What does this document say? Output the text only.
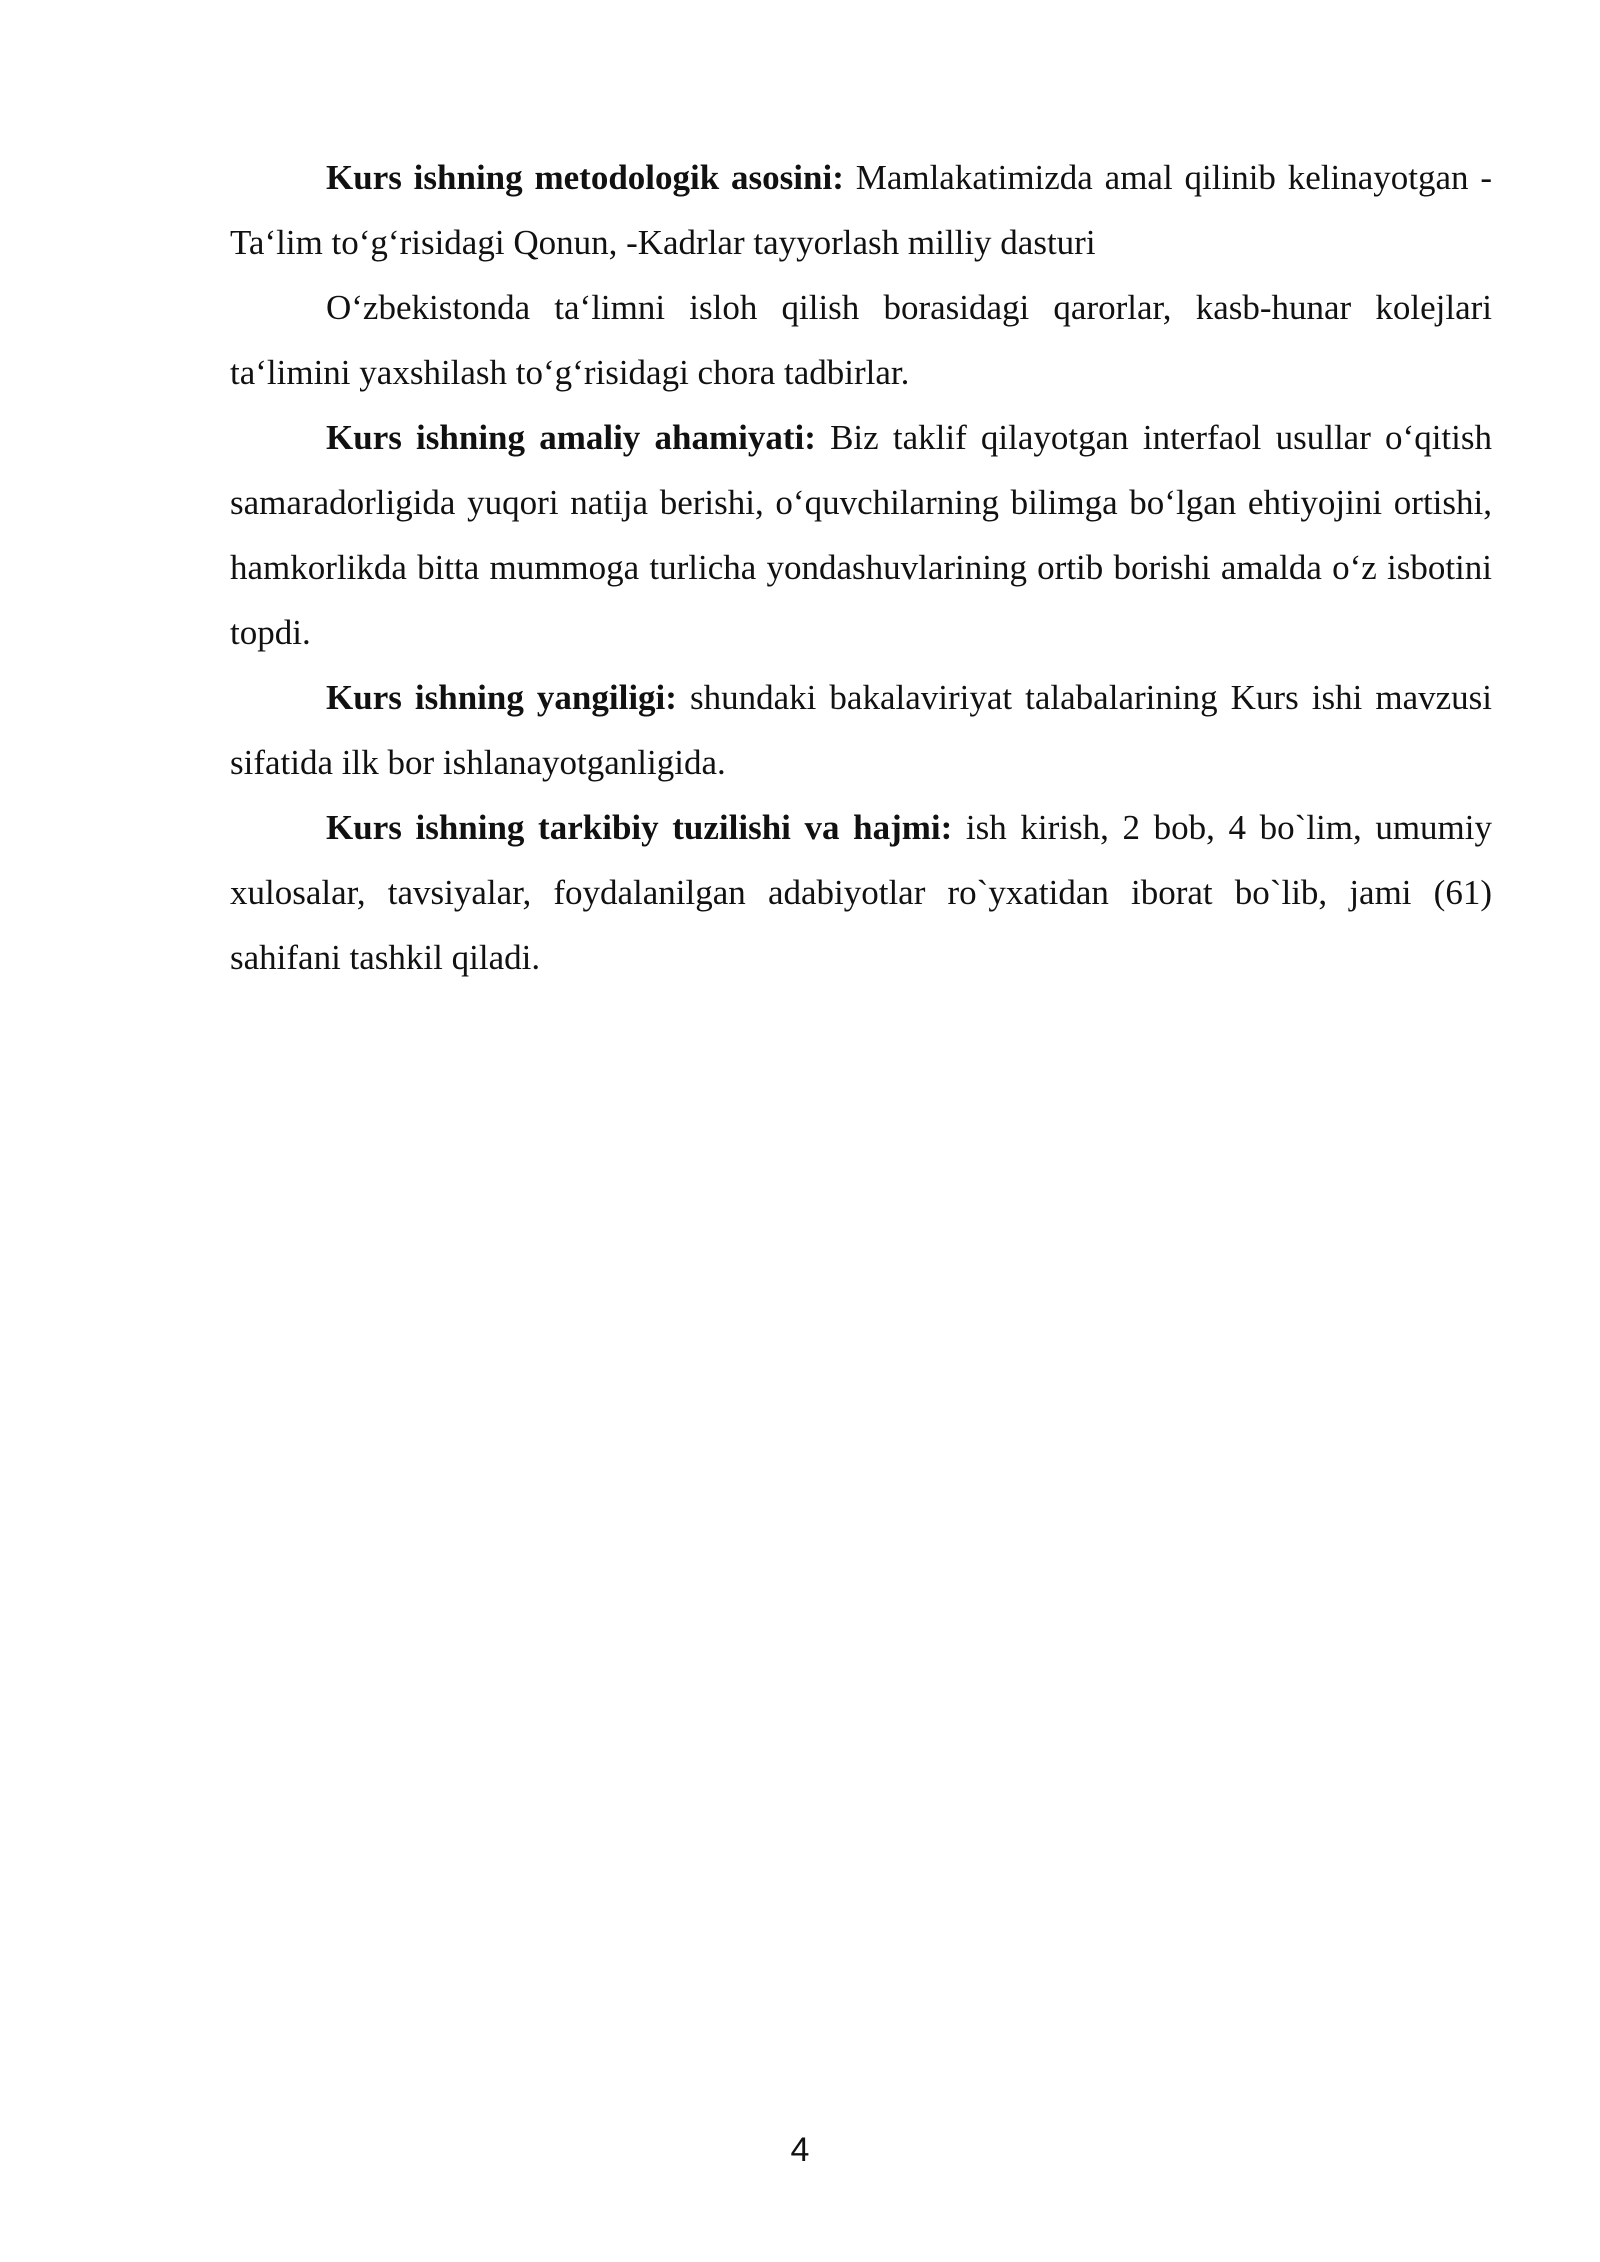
Kurs ishning metodologik asosini: Mamlakatimizda amal qilinib kelinayotgan -Ta‘lim to‘g‘risidagi Qonun, -Kadrlar tayyorlash milliy dasturi

O‘zbekistonda ta‘limni isloh qilish borasidagi qarorlar, kasb-hunar kolejlari ta‘limini yaxshilash to‘g‘risidagi chora tadbirlar.

Kurs ishning amaliy ahamiyati: Biz taklif qilayotgan interfaol usullar o‘qitish samaradorligida yuqori natija berishi, o‘quvchilarning bilimga bo‘lgan ehtiyojini ortishi, hamkorlikda bitta mummoga turlicha yondashuvlarining ortib borishi amalda o‘z isbotini topdi.

Kurs ishning yangiligi: shundaki bakalaviriyat talabalarining Kurs ishi mavzusi sifatida ilk bor ishlanayotganligida.

Kurs ishning tarkibiy tuzilishi va hajmi: ish kirish, 2 bob, 4 bo`lim, umumiy xulosalar, tavsiyalar, foydalanilgan adabiyotlar ro`yxatidan iborat bo`lib, jami (61) sahifani tashkil qiladi.

4
